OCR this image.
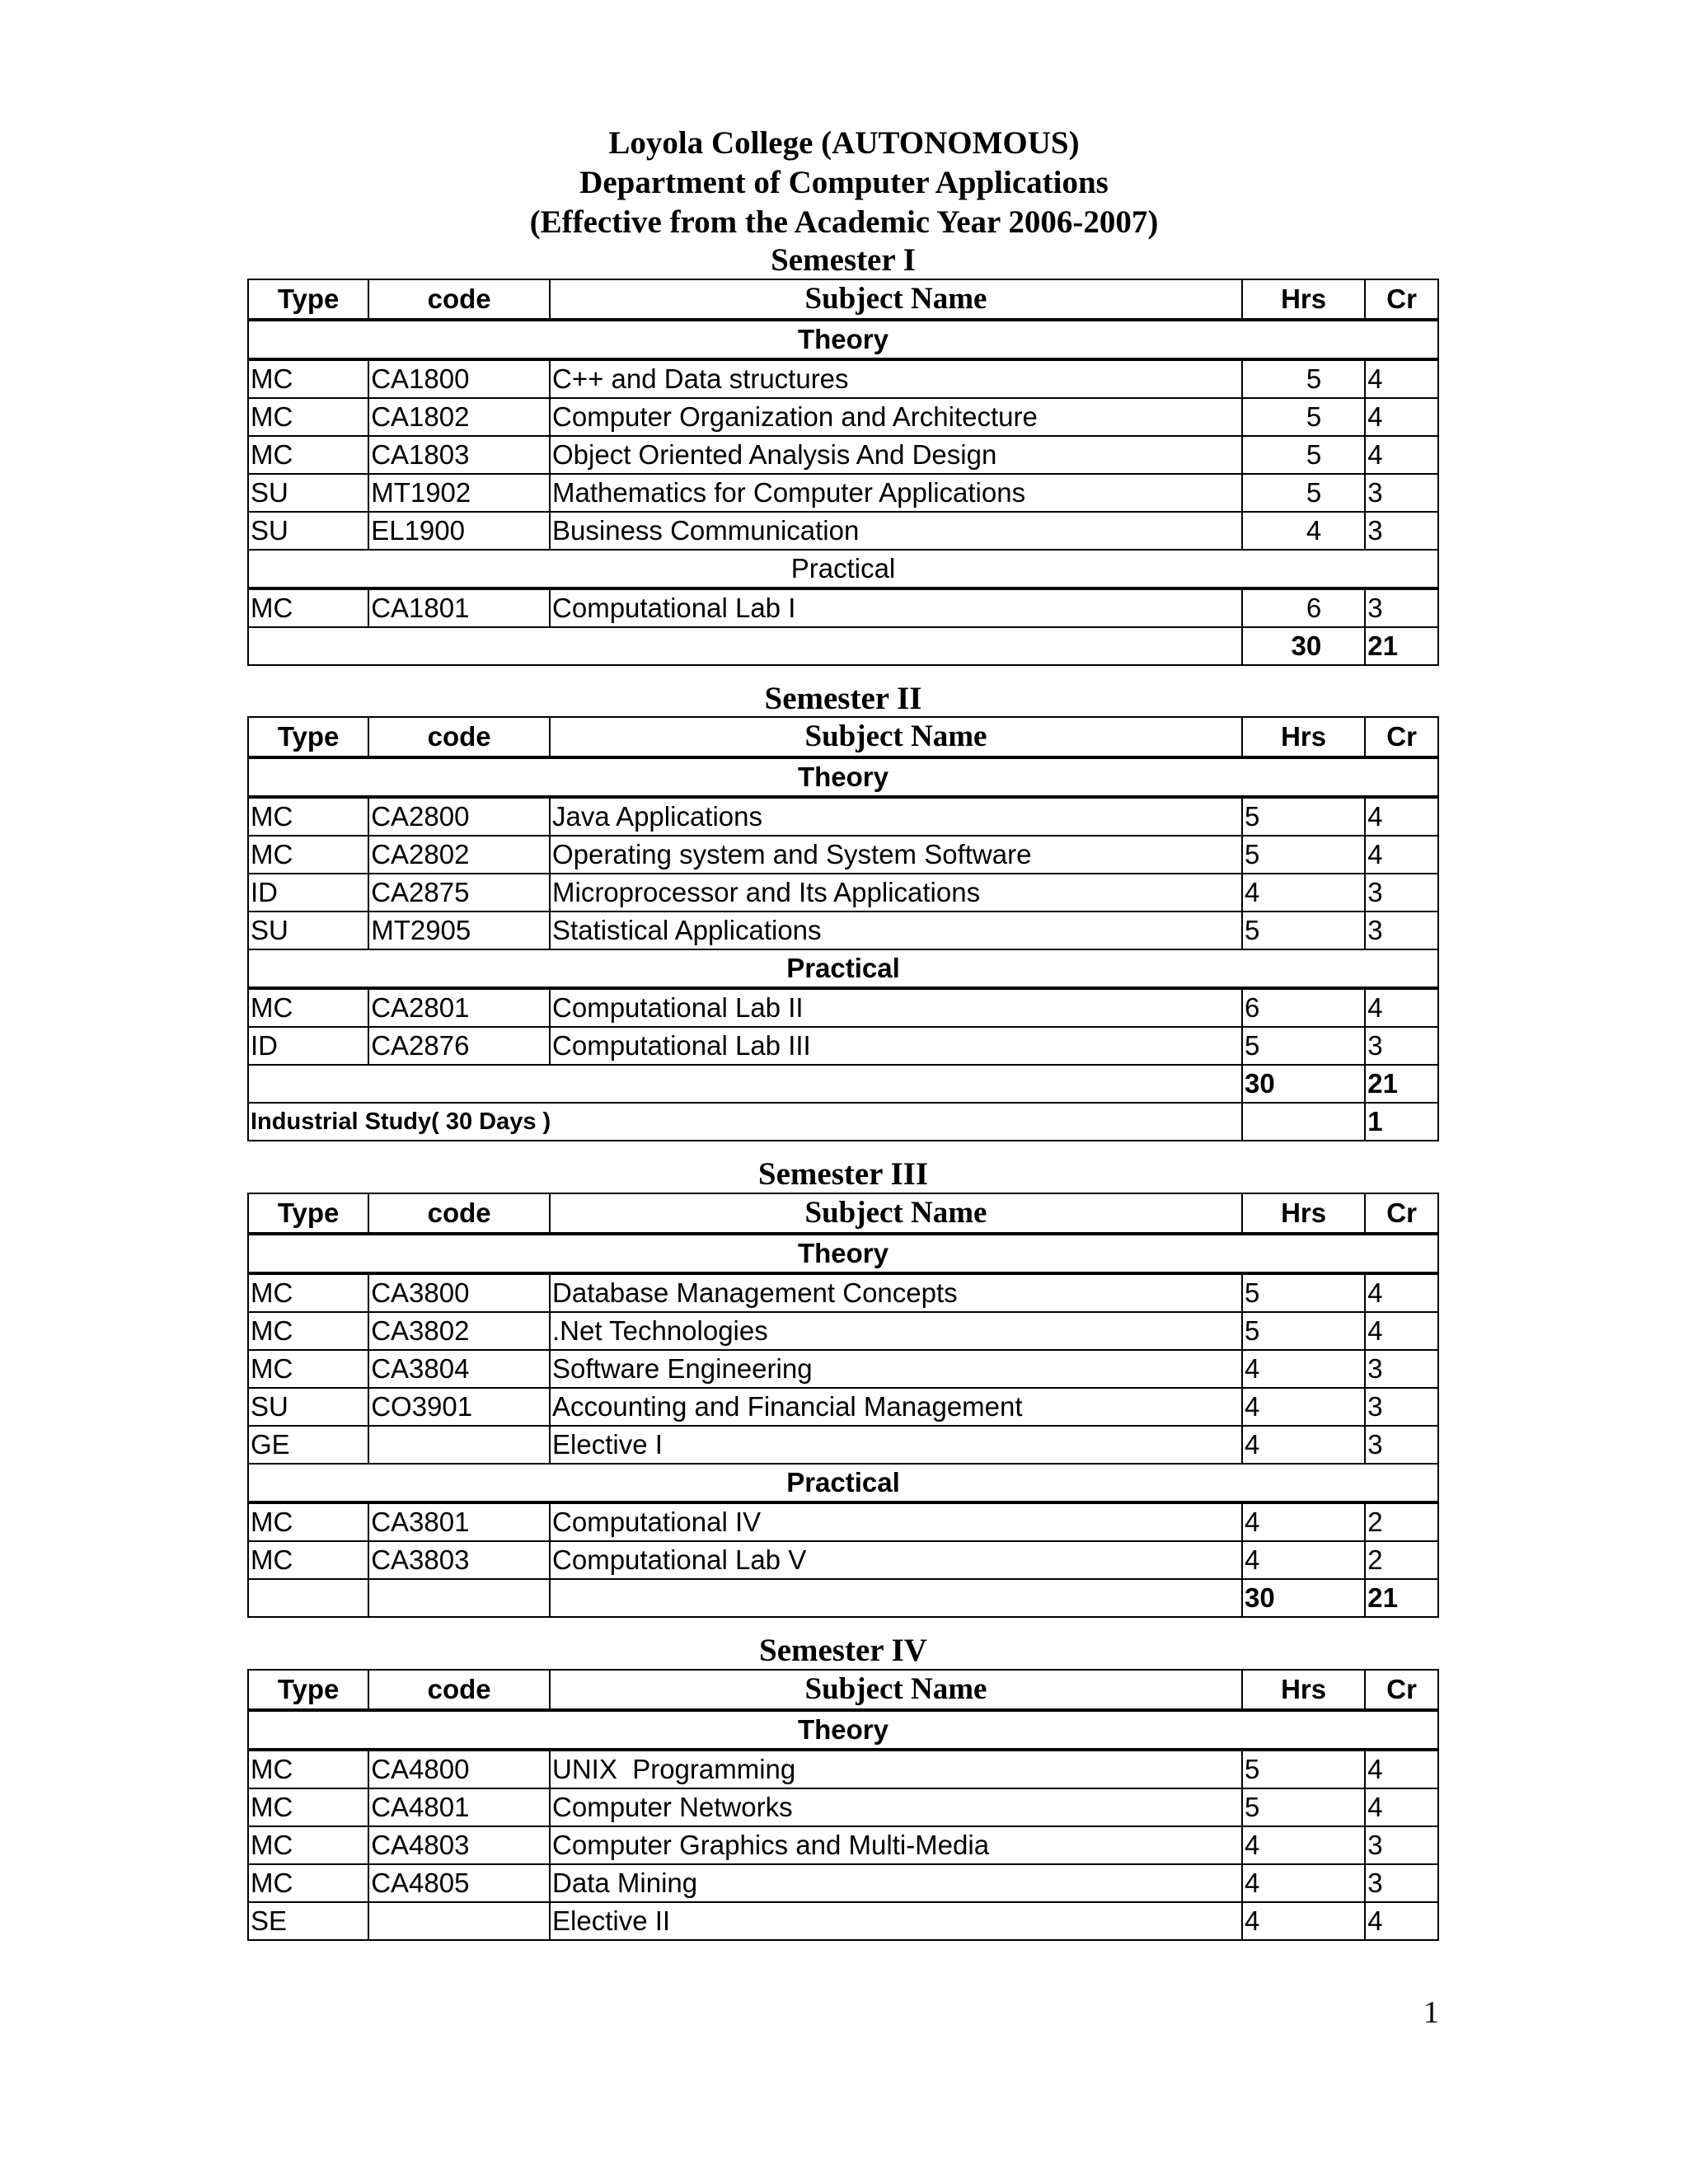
Loyola College (AUTONOMOUS)
Department of Computer Applications
(Effective from the Academic Year 2006-2007)
Semester I
Type	code	Subject Name	Hrs	Cr
Theory				
MC	CA1800	C++ and Data structures	5	4
MC	CA1802	Computer Organization and Architecture	5	4
MC	CA1803	Object Oriented Analysis And Design	5	4
SU	MT1902	Mathematics for Computer Applications	5	3
SU	EL1900	Business Communication	4	3
Practical				
MC	CA1801	Computational Lab I	6	3
			30	21
Semester II
Type	code	Subject Name	Hrs	Cr
Theory				
MC	CA2800	Java Applications	5	4
MC	CA2802	Operating system and System Software	5	4
ID	CA2875	Microprocessor and Its Applications	4	3
SU	MT2905	Statistical Applications	5	3
Practical				
MC	CA2801	Computational Lab II	6	4
ID	CA2876	Computational Lab III	5	3
			30	21
Industrial Study( 30 Days )				1
Semester III
Type	code	Subject Name	Hrs	Cr
Theory				
MC	CA3800	Database Management Concepts	5	4
MC	CA3802	.Net Technologies	5	4
MC	CA3804	Software Engineering	4	3
SU	CO3901	Accounting and Financial Management	4	3
GE		Elective I	4	3
Practical				
MC	CA3801	Computational IV	4	2
MC	CA3803	Computational Lab V	4	2
			30	21
Semester IV
Type	code	Subject Name	Hrs	Cr
Theory				
MC	CA4800	UNIX  Programming	5	4
MC	CA4801	Computer Networks	5	4
MC	CA4803	Computer Graphics and Multi-Media	4	3
MC	CA4805	Data Mining	4	3
SE		Elective II	4	4
1
